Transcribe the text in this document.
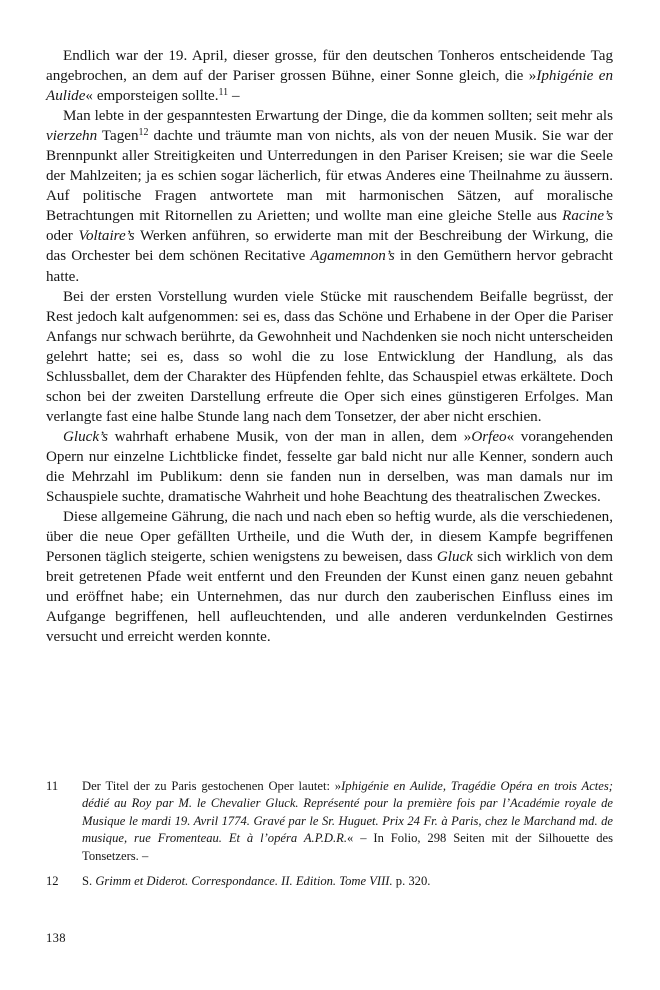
Endlich war der 19. April, dieser grosse, für den deutschen Tonheros entscheidende Tag angebrochen, an dem auf der Pariser grossen Bühne, einer Sonne gleich, die »Iphigénie en Aulide« emporsteigen sollte.$^{11}$ –

Man lebte in der gespanntesten Erwartung der Dinge, die da kommen sollten; seit mehr als vierzehn Tagen$^{12}$ dachte und träumte man von nichts, als von der neuen Musik. Sie war der Brennpunkt aller Streitigkeiten und Unterredungen in den Pariser Kreisen; sie war die Seele der Mahlzeiten; ja es schien sogar lächerlich, für etwas Anderes eine Theilnahme zu äussern. Auf politische Fragen antwortete man mit harmonischen Sätzen, auf moralische Betrachtungen mit Ritornellen zu Arietten; und wollte man eine gleiche Stelle aus Racine’s oder Voltaire’s Werken anführen, so erwiderte man mit der Beschreibung der Wirkung, die das Orchester bei dem schönen Recitative Agamemnon’s in den Gemüthern hervor gebracht hatte.

Bei der ersten Vorstellung wurden viele Stücke mit rauschendem Beifalle begrüsst, der Rest jedoch kalt aufgenommen: sei es, dass das Schöne und Erhabene in der Oper die Pariser Anfangs nur schwach berührte, da Gewohnheit und Nachdenken sie noch nicht unterscheiden gelehrt hatte; sei es, dass so wohl die zu lose Entwicklung der Handlung, als das Schlussballet, dem der Charakter des Hüpfenden fehlte, das Schauspiel etwas erkältete. Doch schon bei der zweiten Darstellung erfreute die Oper sich eines günstigeren Erfolges. Man verlangte fast eine halbe Stunde lang nach dem Tonsetzer, der aber nicht erschien.

Gluck’s wahrhaft erhabene Musik, von der man in allen, dem »Orfeo« vorangehenden Opern nur einzelne Lichtblicke findet, fesselte gar bald nicht nur alle Kenner, sondern auch die Mehrzahl im Publikum: denn sie fanden nun in derselben, was man damals nur im Schauspiele suchte, dramatische Wahrheit und hohe Beachtung des theatralischen Zweckes.

Diese allgemeine Gährung, die nach und nach eben so heftig wurde, als die verschiedenen, über die neue Oper gefällten Urtheile, und die Wuth der, in diesem Kampfe begriffenen Personen täglich steigerte, schien wenigstens zu beweisen, dass Gluck sich wirklich von dem breit getretenen Pfade weit entfernt und den Freunden der Kunst einen ganz neuen gebahnt und eröffnet habe; ein Unternehmen, das nur durch den zauberischen Einfluss eines im Aufgange begriffenen, hell aufleuchtenden, und alle anderen verdunkelnden Gestirnes versucht und erreicht werden konnte.

11	Der Titel der zu Paris gestochenen Oper lautet: »Iphigénie en Aulide, Tragédie Opéra en trois Actes; dédié au Roy par M. le Chevalier Gluck. Représenté pour la première fois par l’Académie royale de Musique le mardi 19. Avril 1774. Gravé par le Sr. Huguet. Prix 24 Fr. à Paris, chez le Marchand md. de musique, rue Fromenteau. Et à l’opéra A.P.D.R.« – In Folio, 298 Seiten mit der Silhouette des Tonsetzers. –
12	S. Grimm et Diderot. Correspondance. II. Edition. Tome VIII. p. 320.
138
